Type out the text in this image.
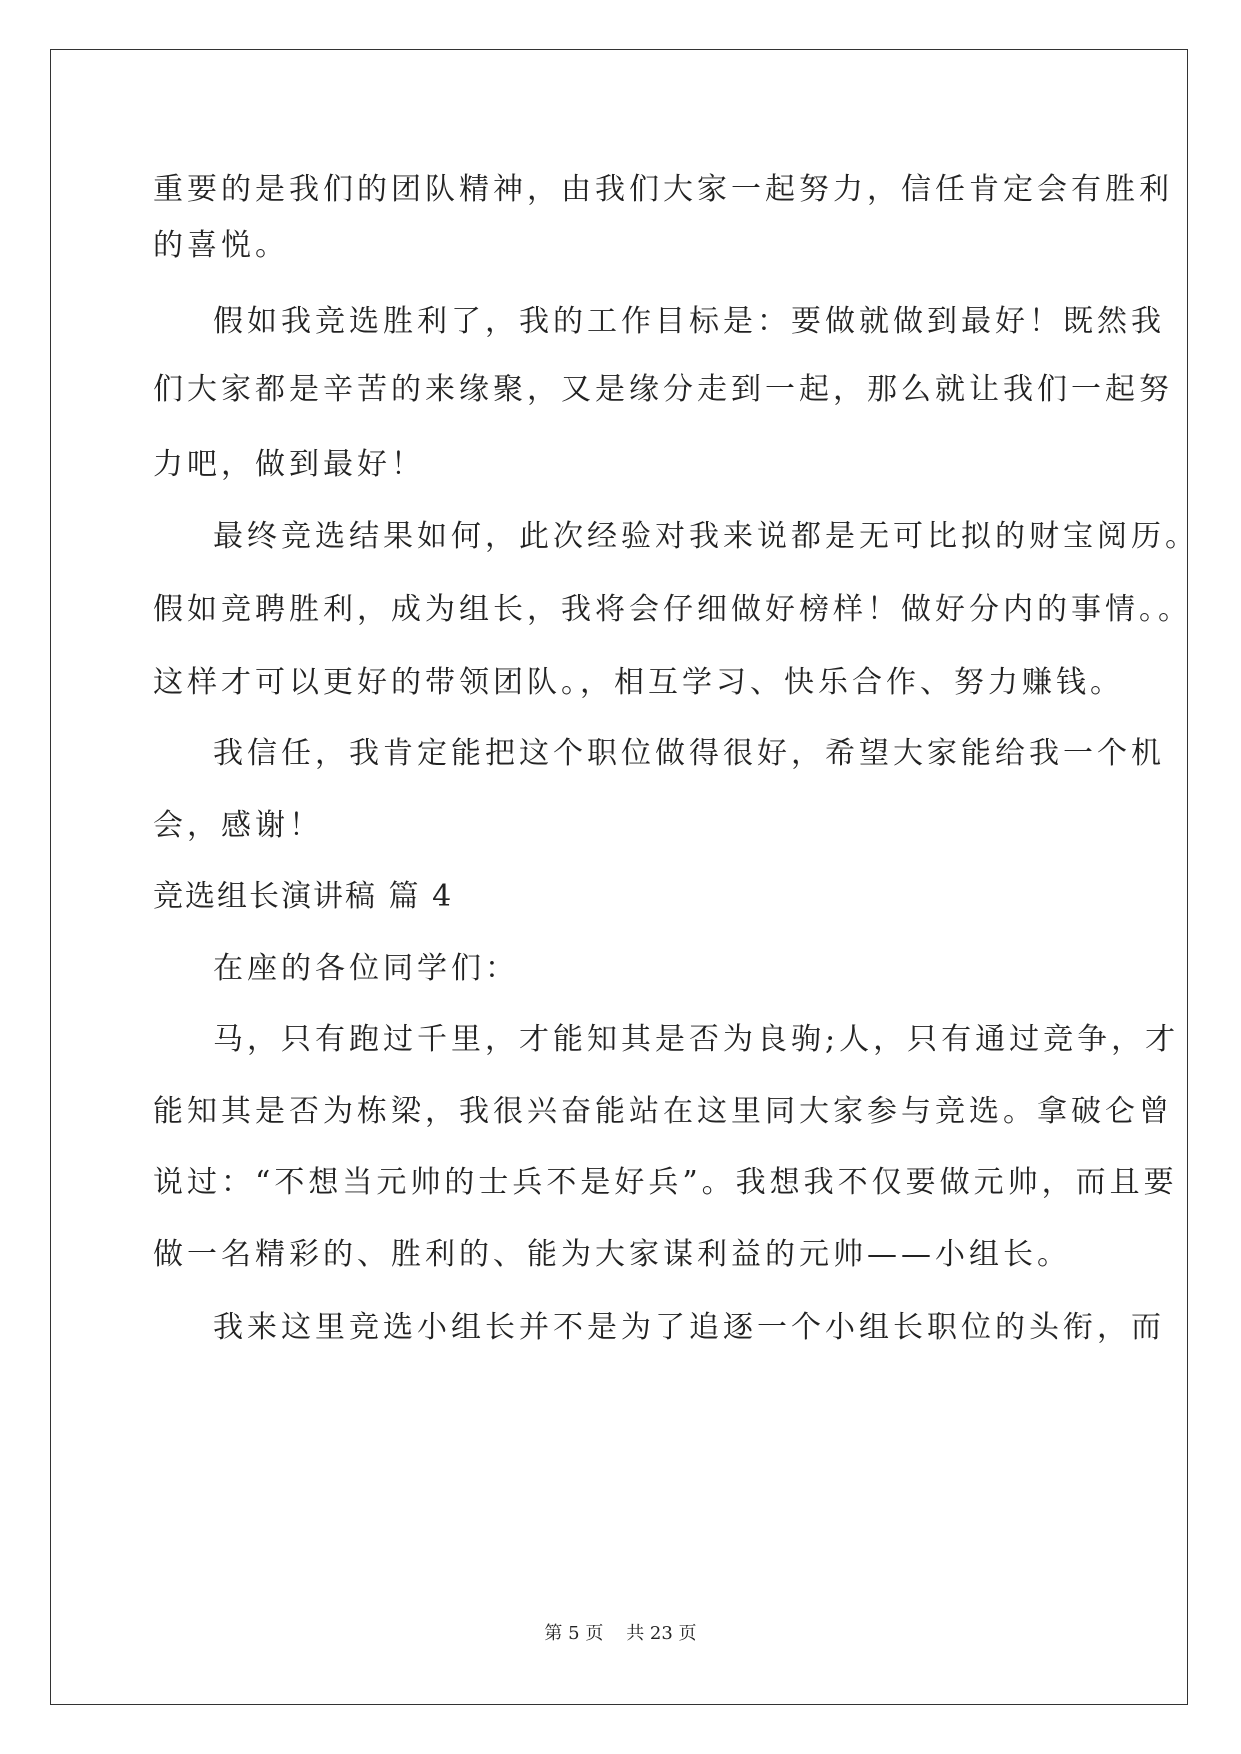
重要的是我们的团队精神，由我们大家一起努力，信任肯定会有胜利
的喜悦。
假如我竞选胜利了，我的工作目标是：要做就做到最好！既然我
们大家都是辛苦的来缘聚，又是缘分走到一起，那么就让我们一起努
力吧，做到最好！
最终竞选结果如何，此次经验对我来说都是无可比拟的财宝阅历。
假如竞聘胜利，成为组长，我将会仔细做好榜样！做好分内的事情。。
这样才可以更好的带领团队。，相互学习、快乐合作、努力赚钱。
我信任，我肯定能把这个职位做得很好，希望大家能给我一个机
会，感谢！
竞选组长演讲稿 篇 4
在座的各位同学们：
马，只有跑过千里，才能知其是否为良驹;人，只有通过竞争，才
能知其是否为栋梁，我很兴奋能站在这里同大家参与竞选。拿破仑曾
说过：“不想当元帅的士兵不是好兵”。我想我不仅要做元帅，而且要
做一名精彩的、胜利的、能为大家谋利益的元帅——小组长。
我来这里竞选小组长并不是为了追逐一个小组长职位的头衔，而
第 5 页    共 23 页
